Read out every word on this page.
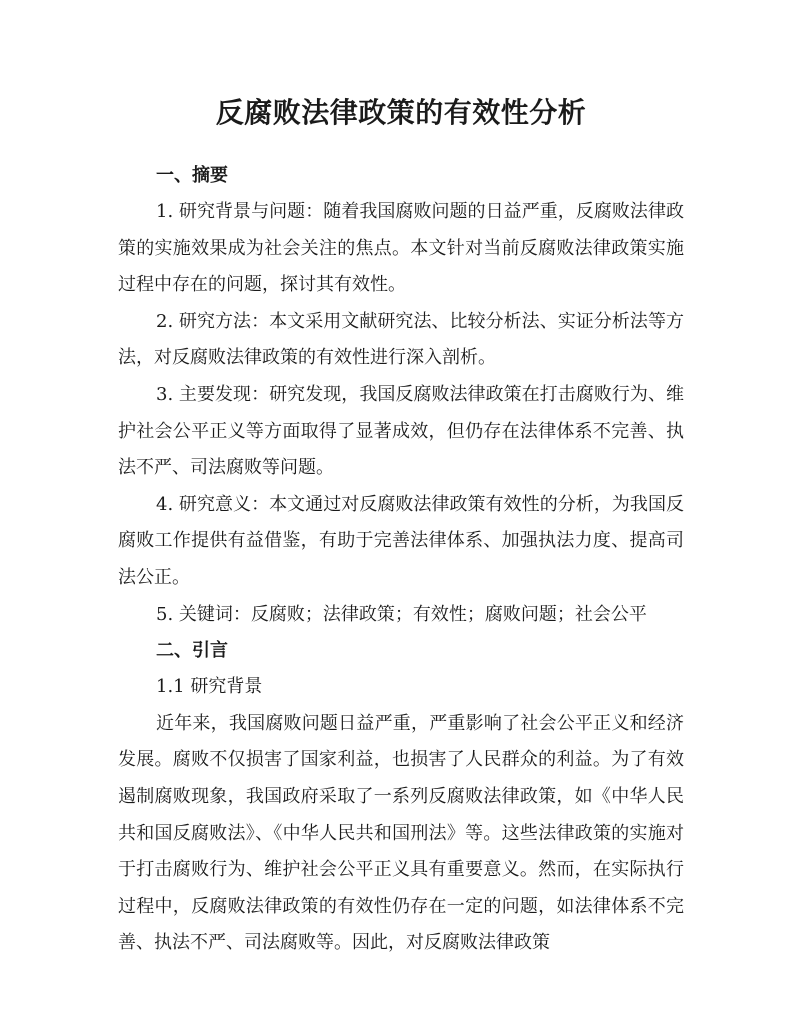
反腐败法律政策的有效性分析
一、摘要

1. 研究背景与问题：随着我国腐败问题的日益严重，反腐败法律政策的实施效果成为社会关注的焦点。本文针对当前反腐败法律政策实施过程中存在的问题，探讨其有效性。

2. 研究方法：本文采用文献研究法、比较分析法、实证分析法等方法，对反腐败法律政策的有效性进行深入剖析。

3. 主要发现：研究发现，我国反腐败法律政策在打击腐败行为、维护社会公平正义等方面取得了显著成效，但仍存在法律体系不完善、执法不严、司法腐败等问题。

4. 研究意义：本文通过对反腐败法律政策有效性的分析，为我国反腐败工作提供有益借鉴，有助于完善法律体系、加强执法力度、提高司法公正。

5. 关键词：反腐败；法律政策；有效性；腐败问题；社会公平

二、引言

1.1 研究背景

近年来，我国腐败问题日益严重，严重影响了社会公平正义和经济发展。腐败不仅损害了国家利益，也损害了人民群众的利益。为了有效遏制腐败现象，我国政府采取了一系列反腐败法律政策，如《中华人民共和国反腐败法》、《中华人民共和国刑法》等。这些法律政策的实施对于打击腐败行为、维护社会公平正义具有重要意义。然而，在实际执行过程中，反腐败法律政策的有效性仍存在一定的问题，如法律体系不完善、执法不严、司法腐败等。因此，对反腐败法律政策
